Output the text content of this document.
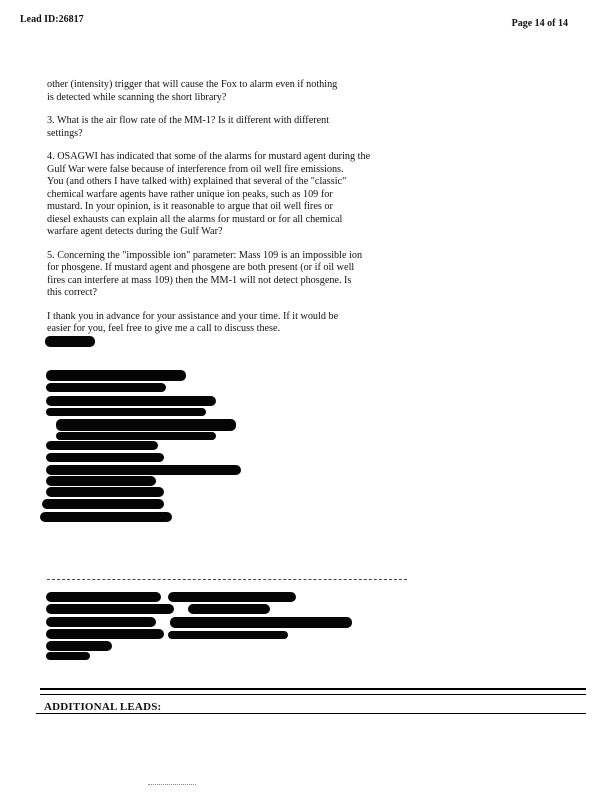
Lead ID:26817	Page 14 of 14

other (intensity) trigger that will cause the Fox to alarm even if nothing
is detected while scanning the short library?

3. What is the air flow rate of the MM-1? Is it different with different
settings?

4. OSAGWI has indicated that some of the alarms for mustard agent during the
Gulf War were false because of interference from oil well fire emissions.
You (and others I have talked with) explained that several of the "classic"
chemical warfare agents have rather unique ion peaks, such as 109 for
mustard. In your opinion, is it reasonable to argue that oil well fires or
diesel exhausts can explain all the alarms for mustard or for all chemical
warfare agent detects during the Gulf War?

5. Concerning the "impossible ion" parameter: Mass 109 is an impossible ion
for phosgene. If mustard agent and phosgene are both present (or if oil well
fires can interfere at mass 109) then the MM-1 will not detect phosgene. Is
this correct?

I thank you in advance for your assistance and your time. If it would be
easier for you, feel free to give me a call to discuss these.

ADDITIONAL LEADS:
